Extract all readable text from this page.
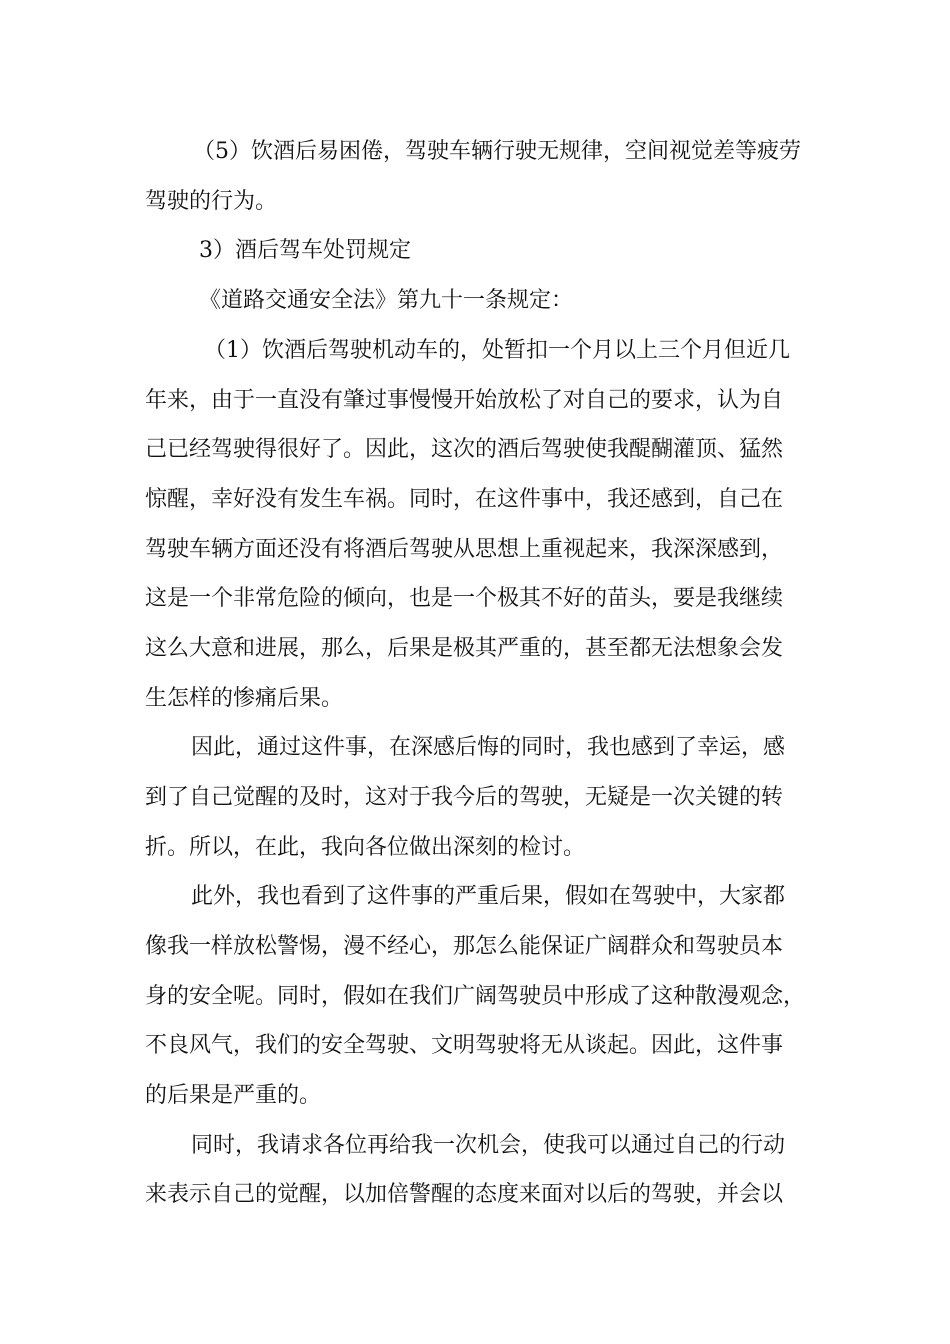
（5）饮酒后易困倦，驾驶车辆行驶无规律，空间视觉差等疲劳
驾驶的行为。
3）酒后驾车处罚规定
《道路交通安全法》第九十一条规定：
（1）饮酒后驾驶机动车的，处暂扣一个月以上三个月但近几
年来，由于一直没有肇过事慢慢开始放松了对自己的要求，认为自
己已经驾驶得很好了。因此，这次的酒后驾驶使我醍醐灌顶、猛然
惊醒，幸好没有发生车祸。同时，在这件事中，我还感到，自己在
驾驶车辆方面还没有将酒后驾驶从思想上重视起来，我深深感到，
这是一个非常危险的倾向，也是一个极其不好的苗头，要是我继续
这么大意和进展，那么，后果是极其严重的，甚至都无法想象会发
生怎样的惨痛后果。
因此，通过这件事，在深感后悔的同时，我也感到了幸运，感
到了自己觉醒的及时，这对于我今后的驾驶，无疑是一次关键的转
折。所以，在此，我向各位做出深刻的检讨。
此外，我也看到了这件事的严重后果，假如在驾驶中，大家都
像我一样放松警惕，漫不经心，那怎么能保证广阔群众和驾驶员本
身的安全呢。同时，假如在我们广阔驾驶员中形成了这种散漫观念，
不良风气，我们的安全驾驶、文明驾驶将无从谈起。因此，这件事
的后果是严重的。
同时，我请求各位再给我一次机会，使我可以通过自己的行动
来表示自己的觉醒，以加倍警醒的态度来面对以后的驾驶，并会以
